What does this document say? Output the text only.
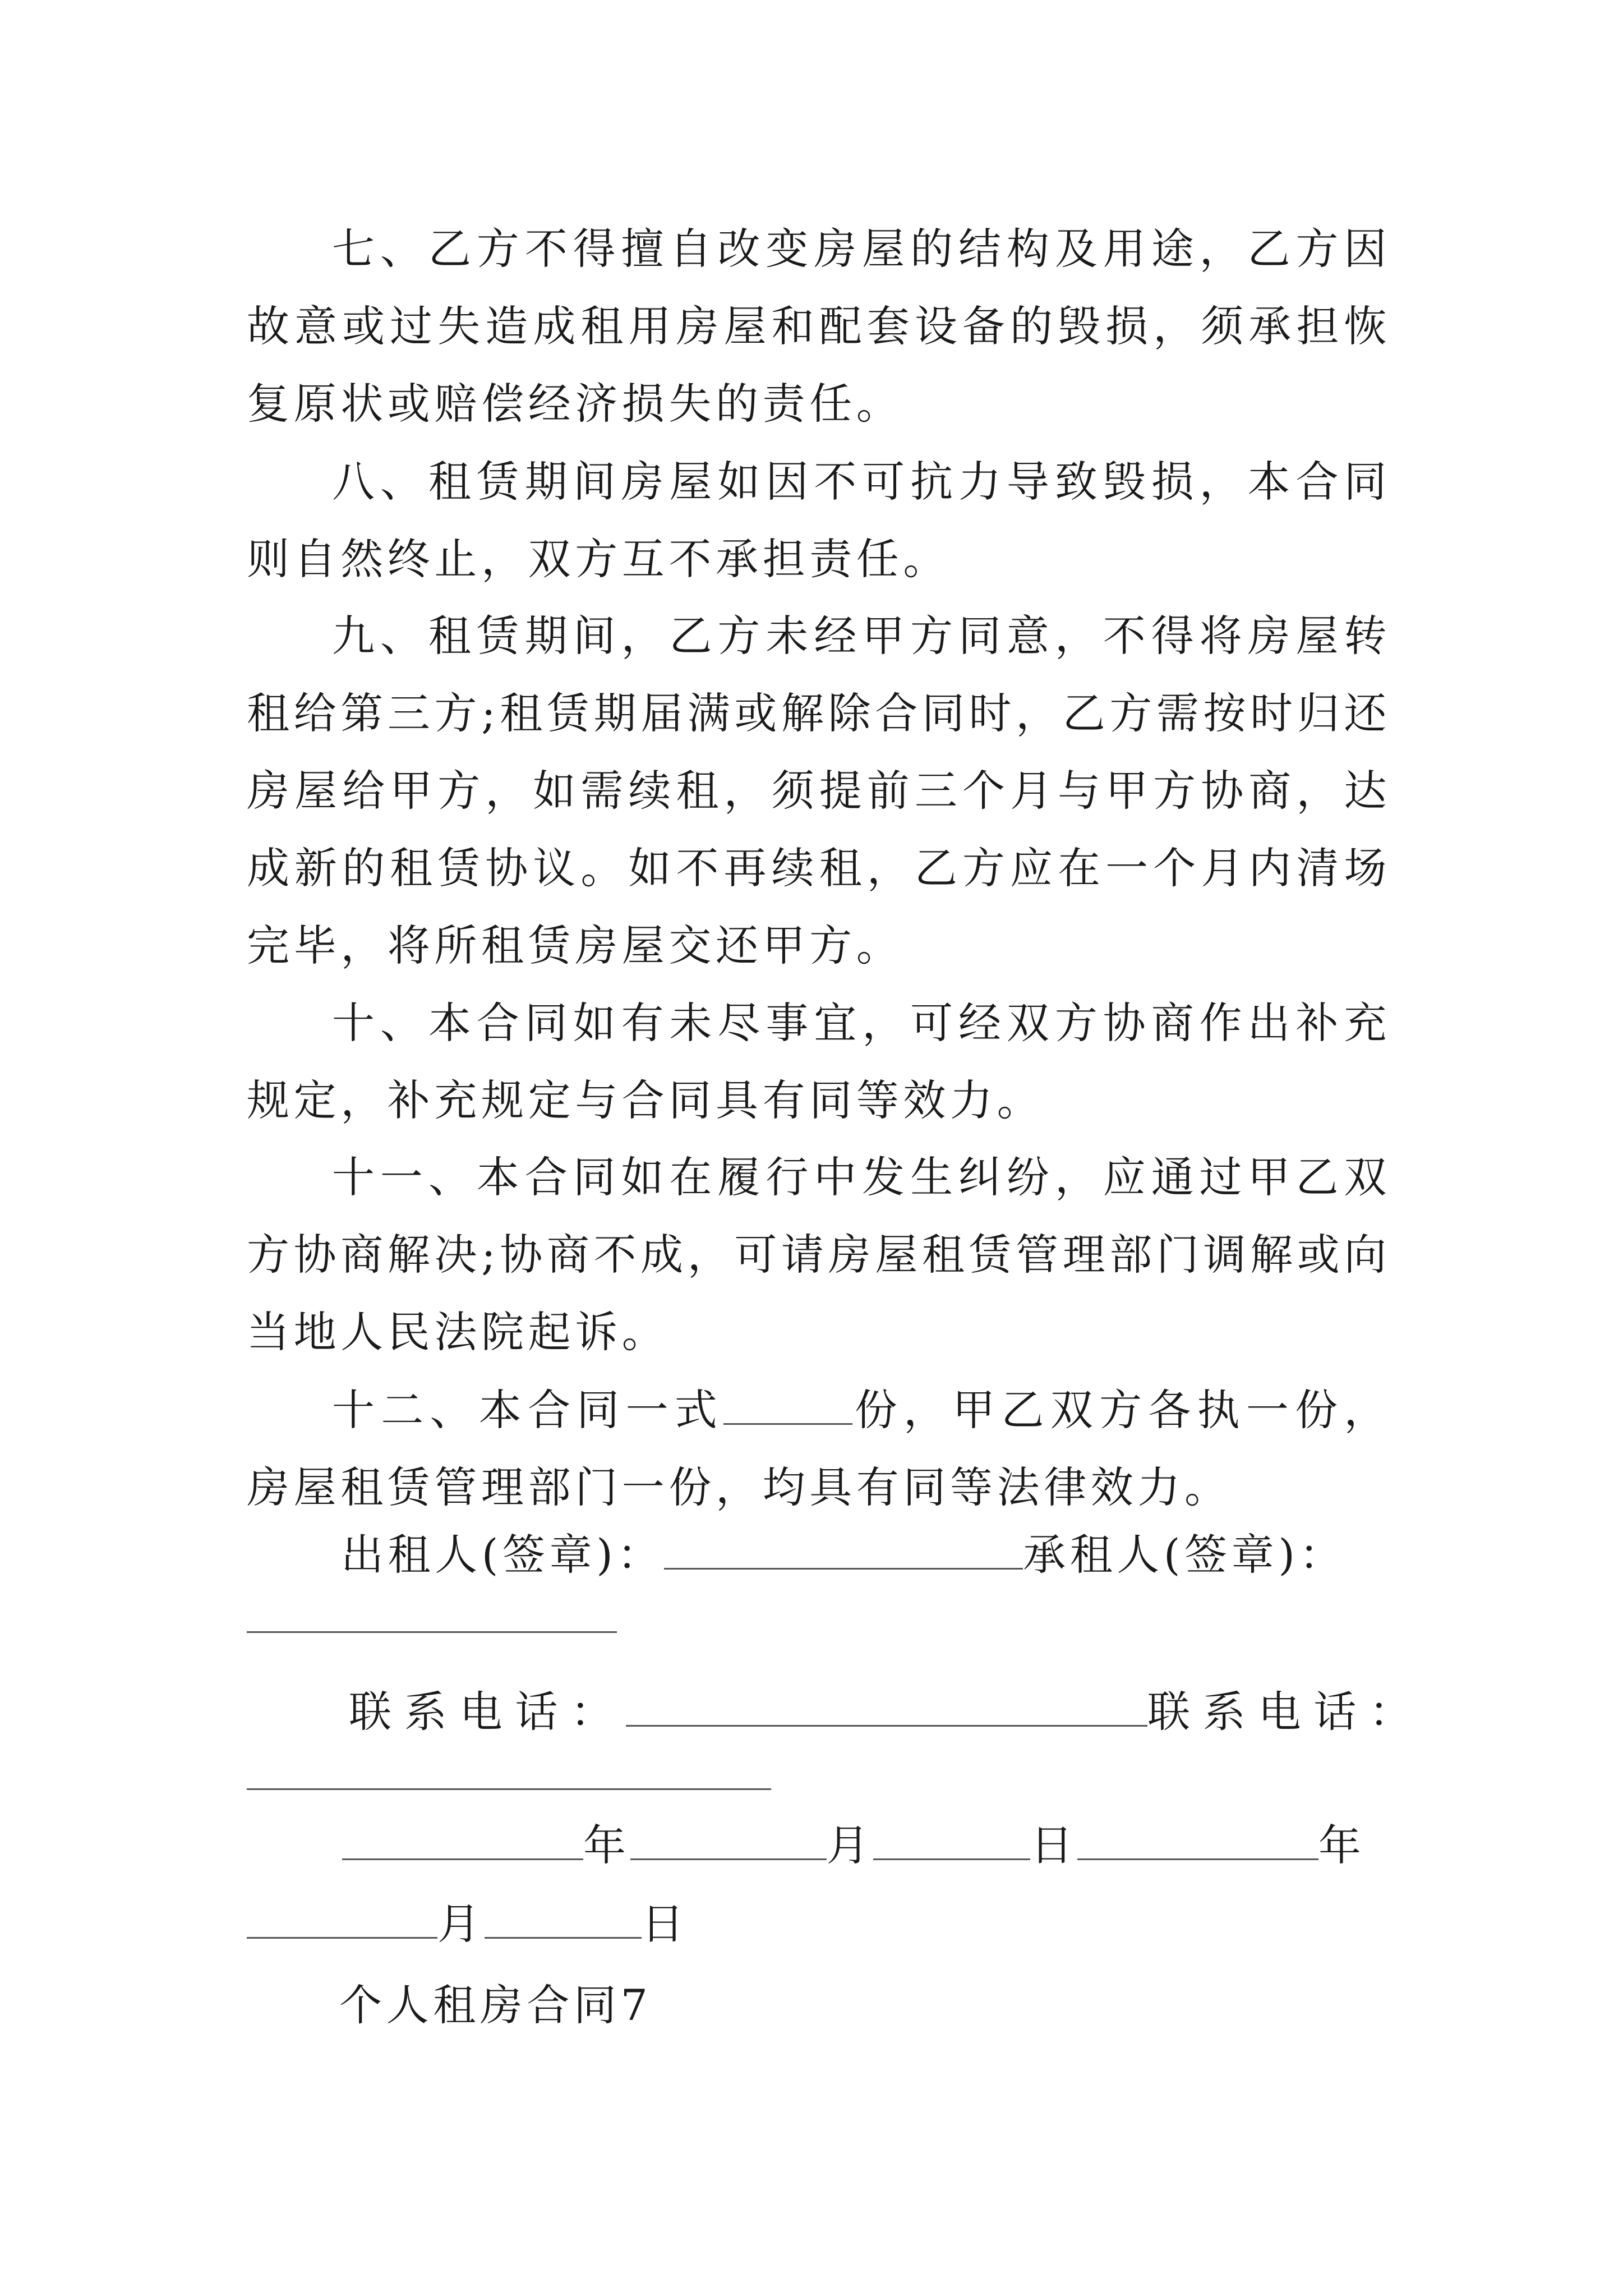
七、乙方不得擅自改变房屋的结构及用途，乙方因故意或过失造成租用房屋和配套设备的毁损，须承担恢复原状或赔偿经济损失的责任。

八、租赁期间房屋如因不可抗力导致毁损，本合同则自然终止，双方互不承担责任。

九、租赁期间，乙方未经甲方同意，不得将房屋转租给第三方;租赁期届满或解除合同时，乙方需按时归还房屋给甲方，如需续租，须提前三个月与甲方协商，达成新的租赁协议。如不再续租，乙方应在一个月内清场完毕，将所租赁房屋交还甲方。

十、本合同如有未尽事宜，可经双方协商作出补充规定，补充规定与合同具有同等效力。

十一、本合同如在履行中发生纠纷，应通过甲乙双方协商解决;协商不成，可请房屋租赁管理部门调解或向当地人民法院起诉。

十二、本合同一式	份，甲乙双方各执一份，房屋租赁管理部门一份，均具有同等法律效力。

出租人(签章)：	承租人(签章)：
联系电话：	联系电话：
年	月	日	年
月	日
个人租房合同7
